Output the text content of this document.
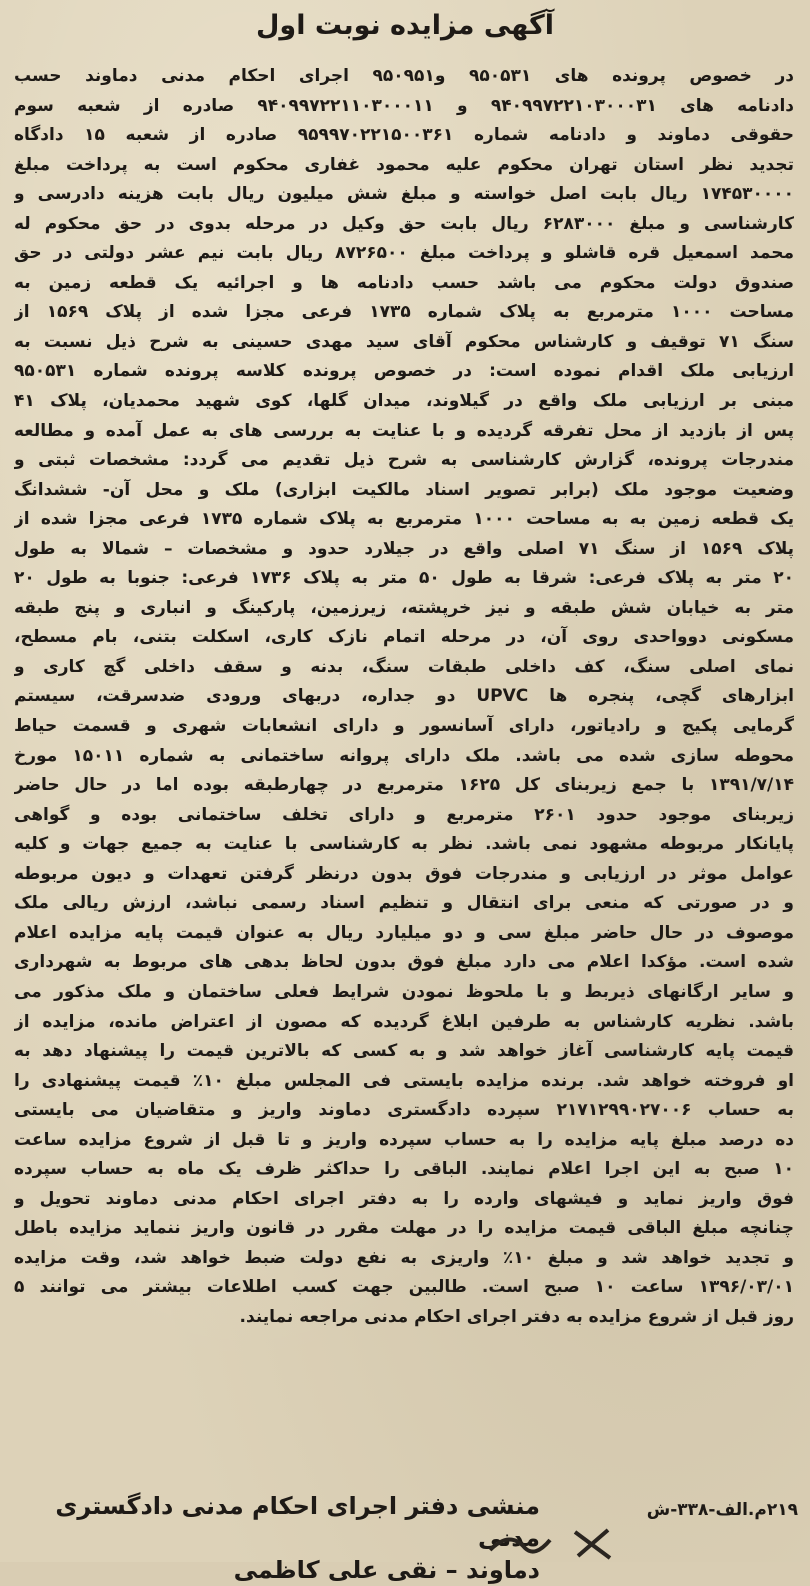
آگهی مزایده نوبت اول
در خصوص پرونده های ۹۵۰۵۳۱ و۹۵۰۹۵۱ اجرای احکام مدنی دماوند حسب
دادنامه های ۹۴۰۹۹۷۲۲۱۰۳۰۰۰۳۱ و ۹۴۰۹۹۷۲۲۱۱۰۳۰۰۰۱۱ صادره از شعبه سوم
حقوقی دماوند و دادنامه شماره ۹۵۹۹۷۰۲۲۱۵۰۰۳۶۱ صادره از شعبه ۱۵ دادگاه
تجدید نظر استان تهران محکوم علیه محمود غفاری محکوم است به پرداخت مبلغ
۱۷۴۵۳۰۰۰۰ ریال بابت اصل خواسته و مبلغ شش میلیون ریال بابت هزینه دادرسی و
کارشناسی و مبلغ ۶۲۸۳۰۰۰ ریال بابت حق وکیل در مرحله بدوی در حق محکوم له
محمد اسمعیل قره قاشلو و پرداخت مبلغ ۸۷۲۶۵۰۰ ریال بابت نیم عشر دولتی در حق
صندوق دولت محکوم می باشد حسب دادنامه ها و اجرائیه یک قطعه زمین به
مساحت ۱۰۰۰ مترمربع به پلاک شماره ۱۷۳۵ فرعی مجزا شده از پلاک ۱۵۶۹ از
سنگ ۷۱ توقیف و کارشناس محکوم آقای سید مهدی حسینی به شرح ذیل نسبت به
ارزیابی ملک اقدام نموده است: در خصوص پرونده کلاسه پرونده شماره ۹۵۰۵۳۱
مبنی بر ارزیابی ملک واقع در گیلاوند، میدان گلها، کوی شهید محمدیان، پلاک ۴۱
پس از بازدید از محل تفرقه گردیده و با عنایت به بررسی های به عمل آمده و مطالعه
مندرجات پرونده، گزارش کارشناسی به شرح ذیل تقدیم می گردد: مشخصات ثبتی و
وضعیت موجود ملک (برابر تصویر اسناد مالکیت ابزاری) ملک و محل آن- ششدانگ
یک قطعه زمین به به مساحت ۱۰۰۰ مترمربع به پلاک شماره ۱۷۳۵ فرعی مجزا شده از
پلاک ۱۵۶۹ از سنگ ۷۱ اصلی واقع در جیلارد حدود و مشخصات – شمالا به طول
۲۰ متر به پلاک فرعی: شرقا به طول ۵۰ متر به پلاک ۱۷۳۶ فرعی: جنوبا به طول ۲۰
متر به خیابان شش طبقه و نیز خرپشته، زیرزمین، پارکینگ و انباری و پنج طبقه
مسکونی دوواحدی روی آن، در مرحله اتمام نازک کاری، اسکلت بتنی، بام مسطح،
نمای اصلی سنگ، کف داخلی طبقات سنگ، بدنه و سقف داخلی گچ کاری و
ابزارهای گچی، پنجره ها UPVC دو جداره، دربهای ورودی ضدسرقت، سیستم
گرمایی پکیج و رادیاتور، دارای آسانسور و دارای انشعابات شهری و قسمت حیاط
محوطه سازی شده می باشد. ملک دارای پروانه ساختمانی به شماره ۱۵۰۱۱ مورخ
۱۳۹۱/۷/۱۴ با جمع زیربنای کل ۱۶۲۵ مترمربع در چهارطبقه بوده اما در حال حاضر
زیربنای موجود حدود ۲۶۰۱ مترمربع و دارای تخلف ساختمانی بوده و گواهی
پایانکار مربوطه مشهود نمی باشد. نظر به کارشناسی با عنایت به جمیع جهات و کلیه
عوامل موثر در ارزیابی و مندرجات فوق بدون درنظر گرفتن تعهدات و دیون مربوطه
و در صورتی که منعی برای انتقال و تنظیم اسناد رسمی نباشد، ارزش ریالی ملک
موصوف در حال حاضر مبلغ سی و دو میلیارد ریال به عنوان قیمت پایه مزایده اعلام
شده است. مؤکدا اعلام می دارد مبلغ فوق بدون لحاظ بدهی های مربوط به شهرداری
و سایر ارگانهای ذیربط و با ملحوظ نمودن شرایط فعلی ساختمان و ملک مذکور می
باشد. نظریه کارشناس به طرفین ابلاغ گردیده که مصون از اعتراض مانده، مزایده از
قیمت پایه کارشناسی آغاز خواهد شد و به کسی که بالاترین قیمت را پیشنهاد دهد به
او فروخته خواهد شد. برنده مزایده بایستی فی المجلس مبلغ ۱۰٪ قیمت پیشنهادی را
به حساب ۲۱۷۱۲۹۹۰۲۷۰۰۶ سپرده دادگستری دماوند واریز و متقاضیان می بایستی
ده درصد مبلغ پایه مزایده را به حساب سپرده واریز و تا قبل از شروع مزایده ساعت
۱۰ صبح به این اجرا اعلام نمایند. الباقی را حداکثر ظرف یک ماه به حساب سپرده
فوق واریز نماید و فیشهای وارده را به دفتر اجرای احکام مدنی دماوند تحویل و
چنانچه مبلغ الباقی قیمت مزایده را در مهلت مقرر در قانون واریز ننماید مزایده باطل
و تجدید خواهد شد و مبلغ ۱۰٪ واریزی به نفع دولت ضبط خواهد شد، وقت مزایده
۱۳۹۶/۰۳/۰۱ ساعت ۱۰ صبح است. طالبین جهت کسب اطلاعات بیشتر می توانند ۵
روز قبل از شروع مزایده به دفتر اجرای احکام مدنی مراجعه نمایند.
۲۱۹م.الف-۳۳۸-ش
منشی دفتر اجرای احکام مدنی دادگستری مدنی
دماوند – نقی علی کاظمی
